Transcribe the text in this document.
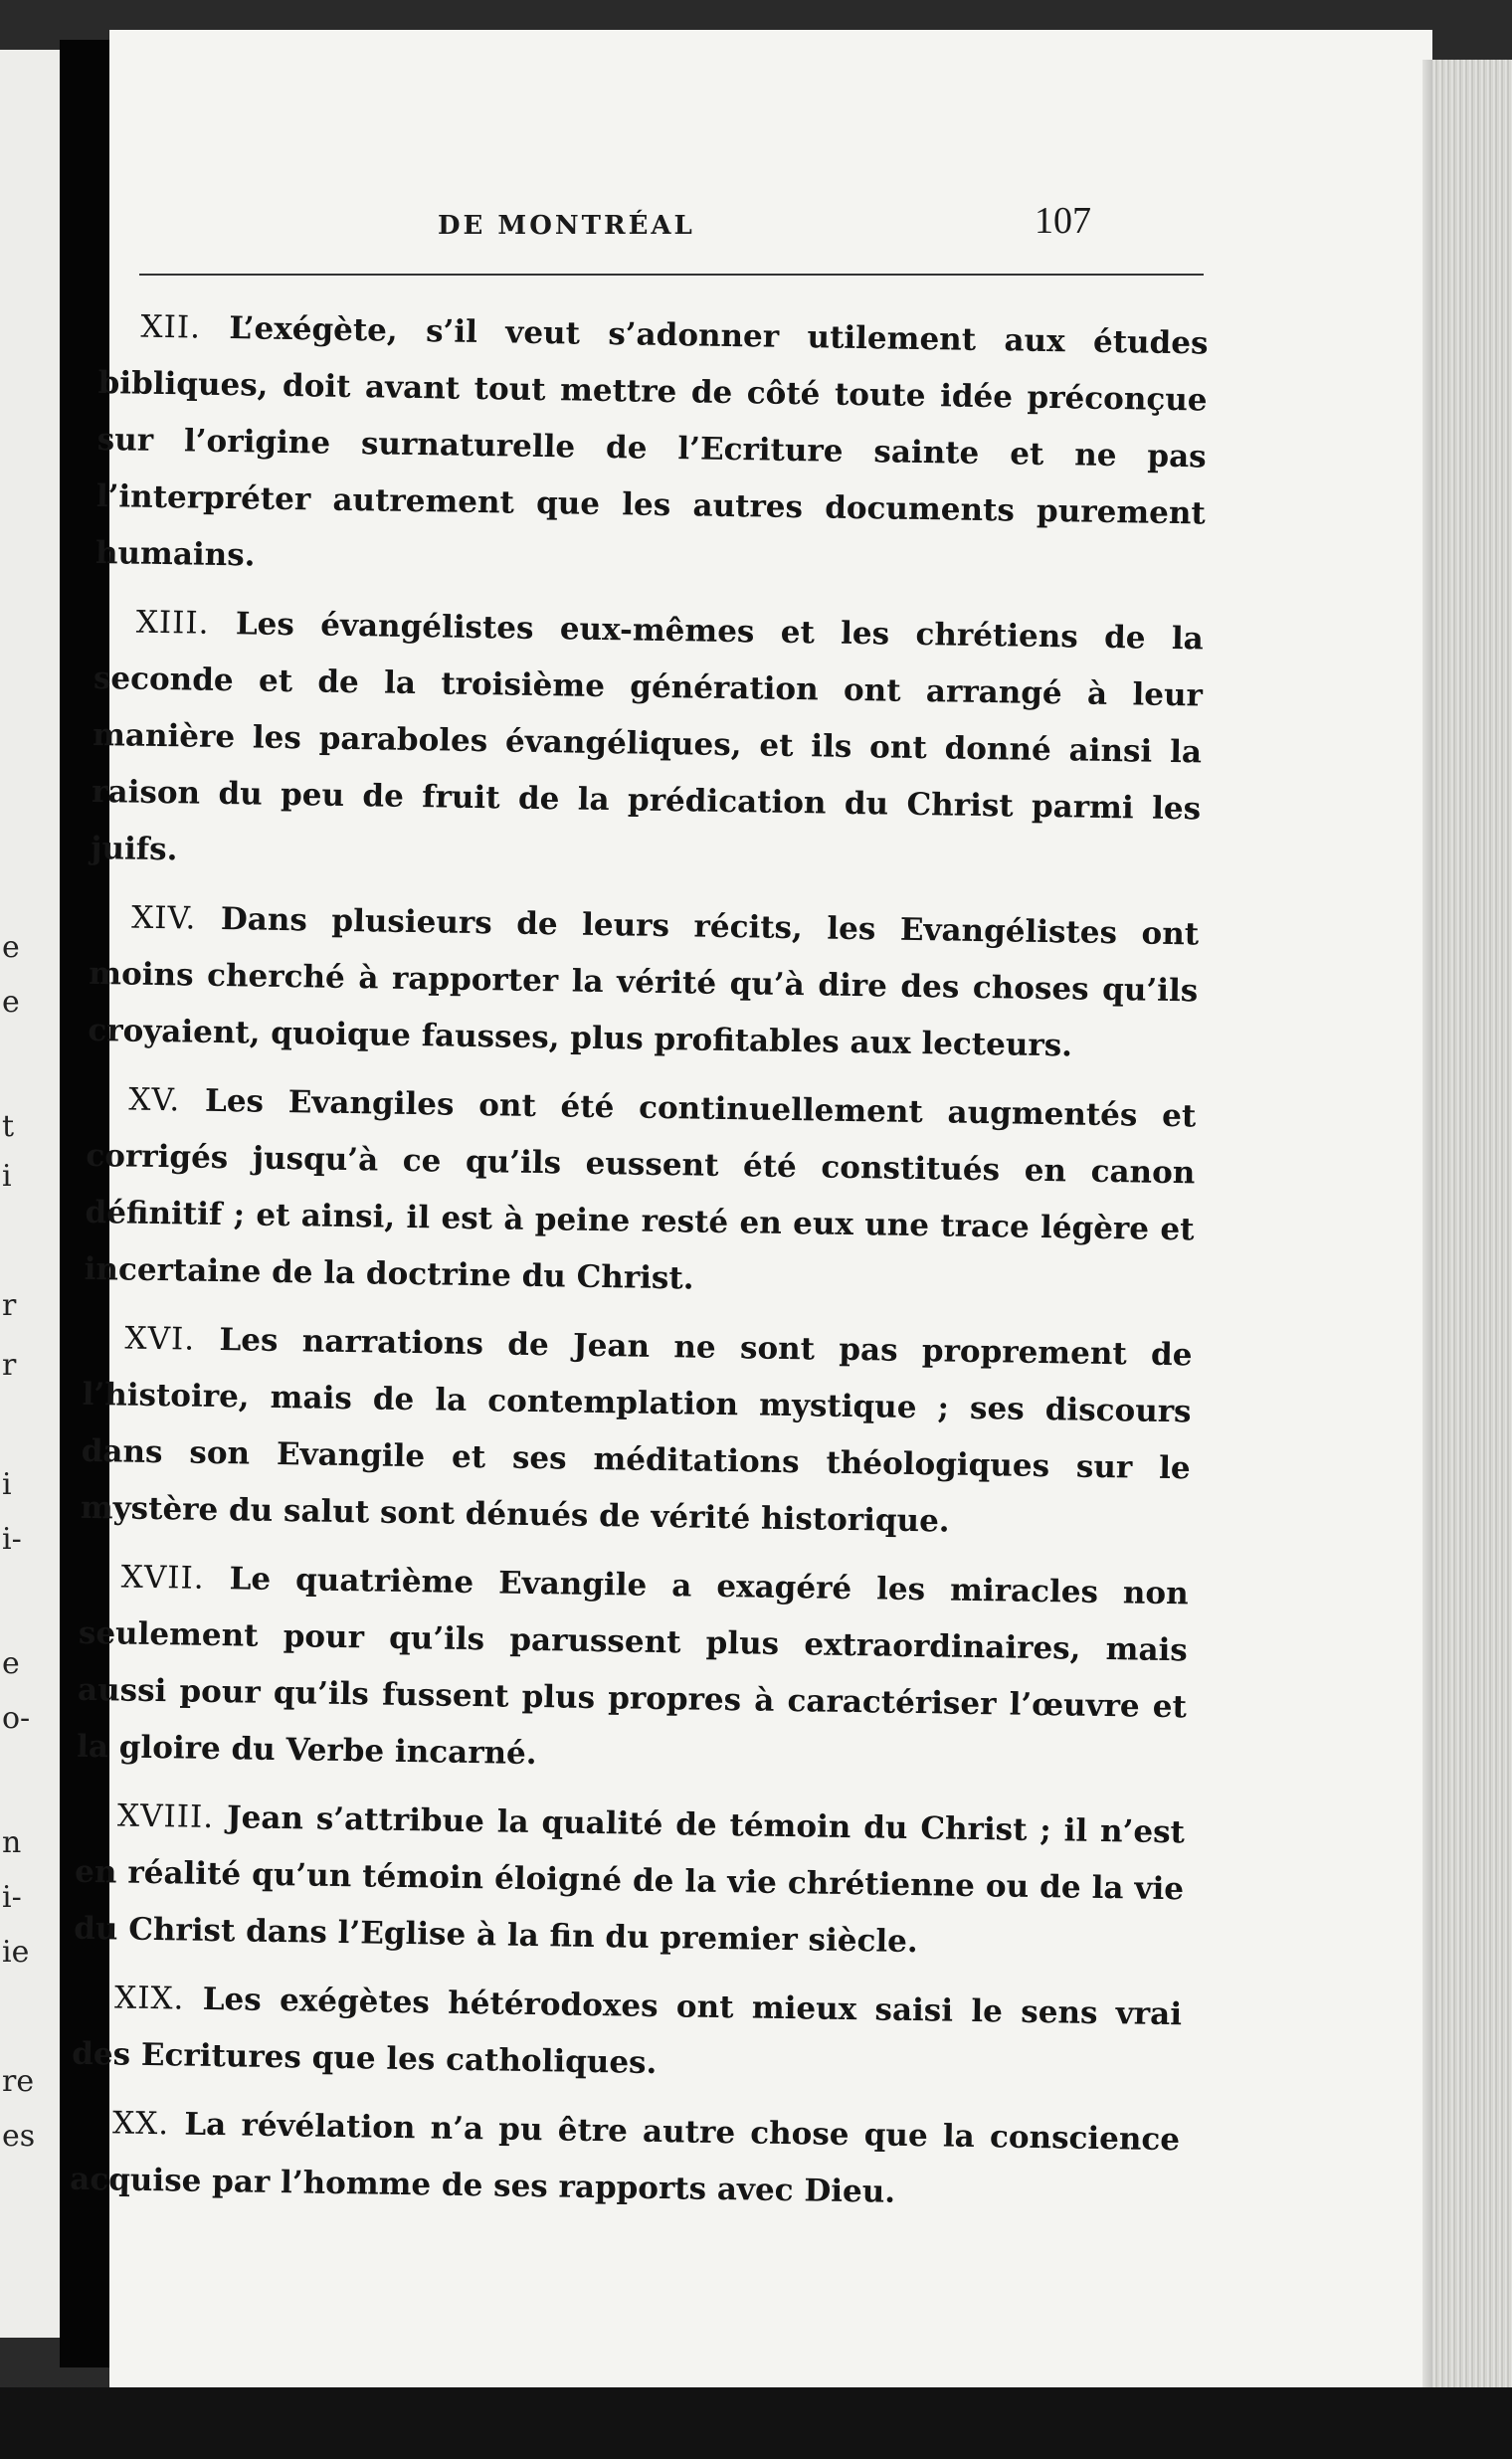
e
e
t
i
r
r
i
i-
e
o-
n
i-
ie
re
es
DE MONTRÉAL	107

XII. L’exégète, s’il veut s’adonner utilement aux études bibliques, doit avant tout mettre de côté toute idée préconçue sur l’origine surnaturelle de l’Ecriture sainte et ne pas l’interpréter autrement que les autres documents purement humains.

XIII. Les évangélistes eux-mêmes et les chrétiens de la seconde et de la troisième génération ont arrangé à leur manière les paraboles évangéliques, et ils ont donné ainsi la raison du peu de fruit de la prédication du Christ parmi les juifs.

XIV. Dans plusieurs de leurs récits, les Evangélistes ont moins cherché à rapporter la vérité qu’à dire des choses qu’ils croyaient, quoique fausses, plus profitables aux lecteurs.

XV. Les Evangiles ont été continuellement augmentés et corrigés jusqu’à ce qu’ils eussent été constitués en canon définitif ; et ainsi, il est à peine resté en eux une trace légère et incertaine de la doctrine du Christ.

XVI. Les narrations de Jean ne sont pas proprement de l’histoire, mais de la contemplation mystique ; ses discours dans son Evangile et ses méditations théologiques sur le mystère du salut sont dénués de vérité historique.

XVII. Le quatrième Evangile a exagéré les miracles non seulement pour qu’ils parussent plus extraordinaires, mais aussi pour qu’ils fussent plus propres à caractériser l’œuvre et la gloire du Verbe incarné.

XVIII. Jean s’attribue la qualité de témoin du Christ ; il n’est en réalité qu’un témoin éloigné de la vie chrétienne ou de la vie du Christ dans l’Eglise à la fin du premier siècle.

XIX. Les exégètes hétérodoxes ont mieux saisi le sens vrai des Ecritures que les catholiques.

XX. La révélation n’a pu être autre chose que la conscience acquise par l’homme de ses rapports avec Dieu.
